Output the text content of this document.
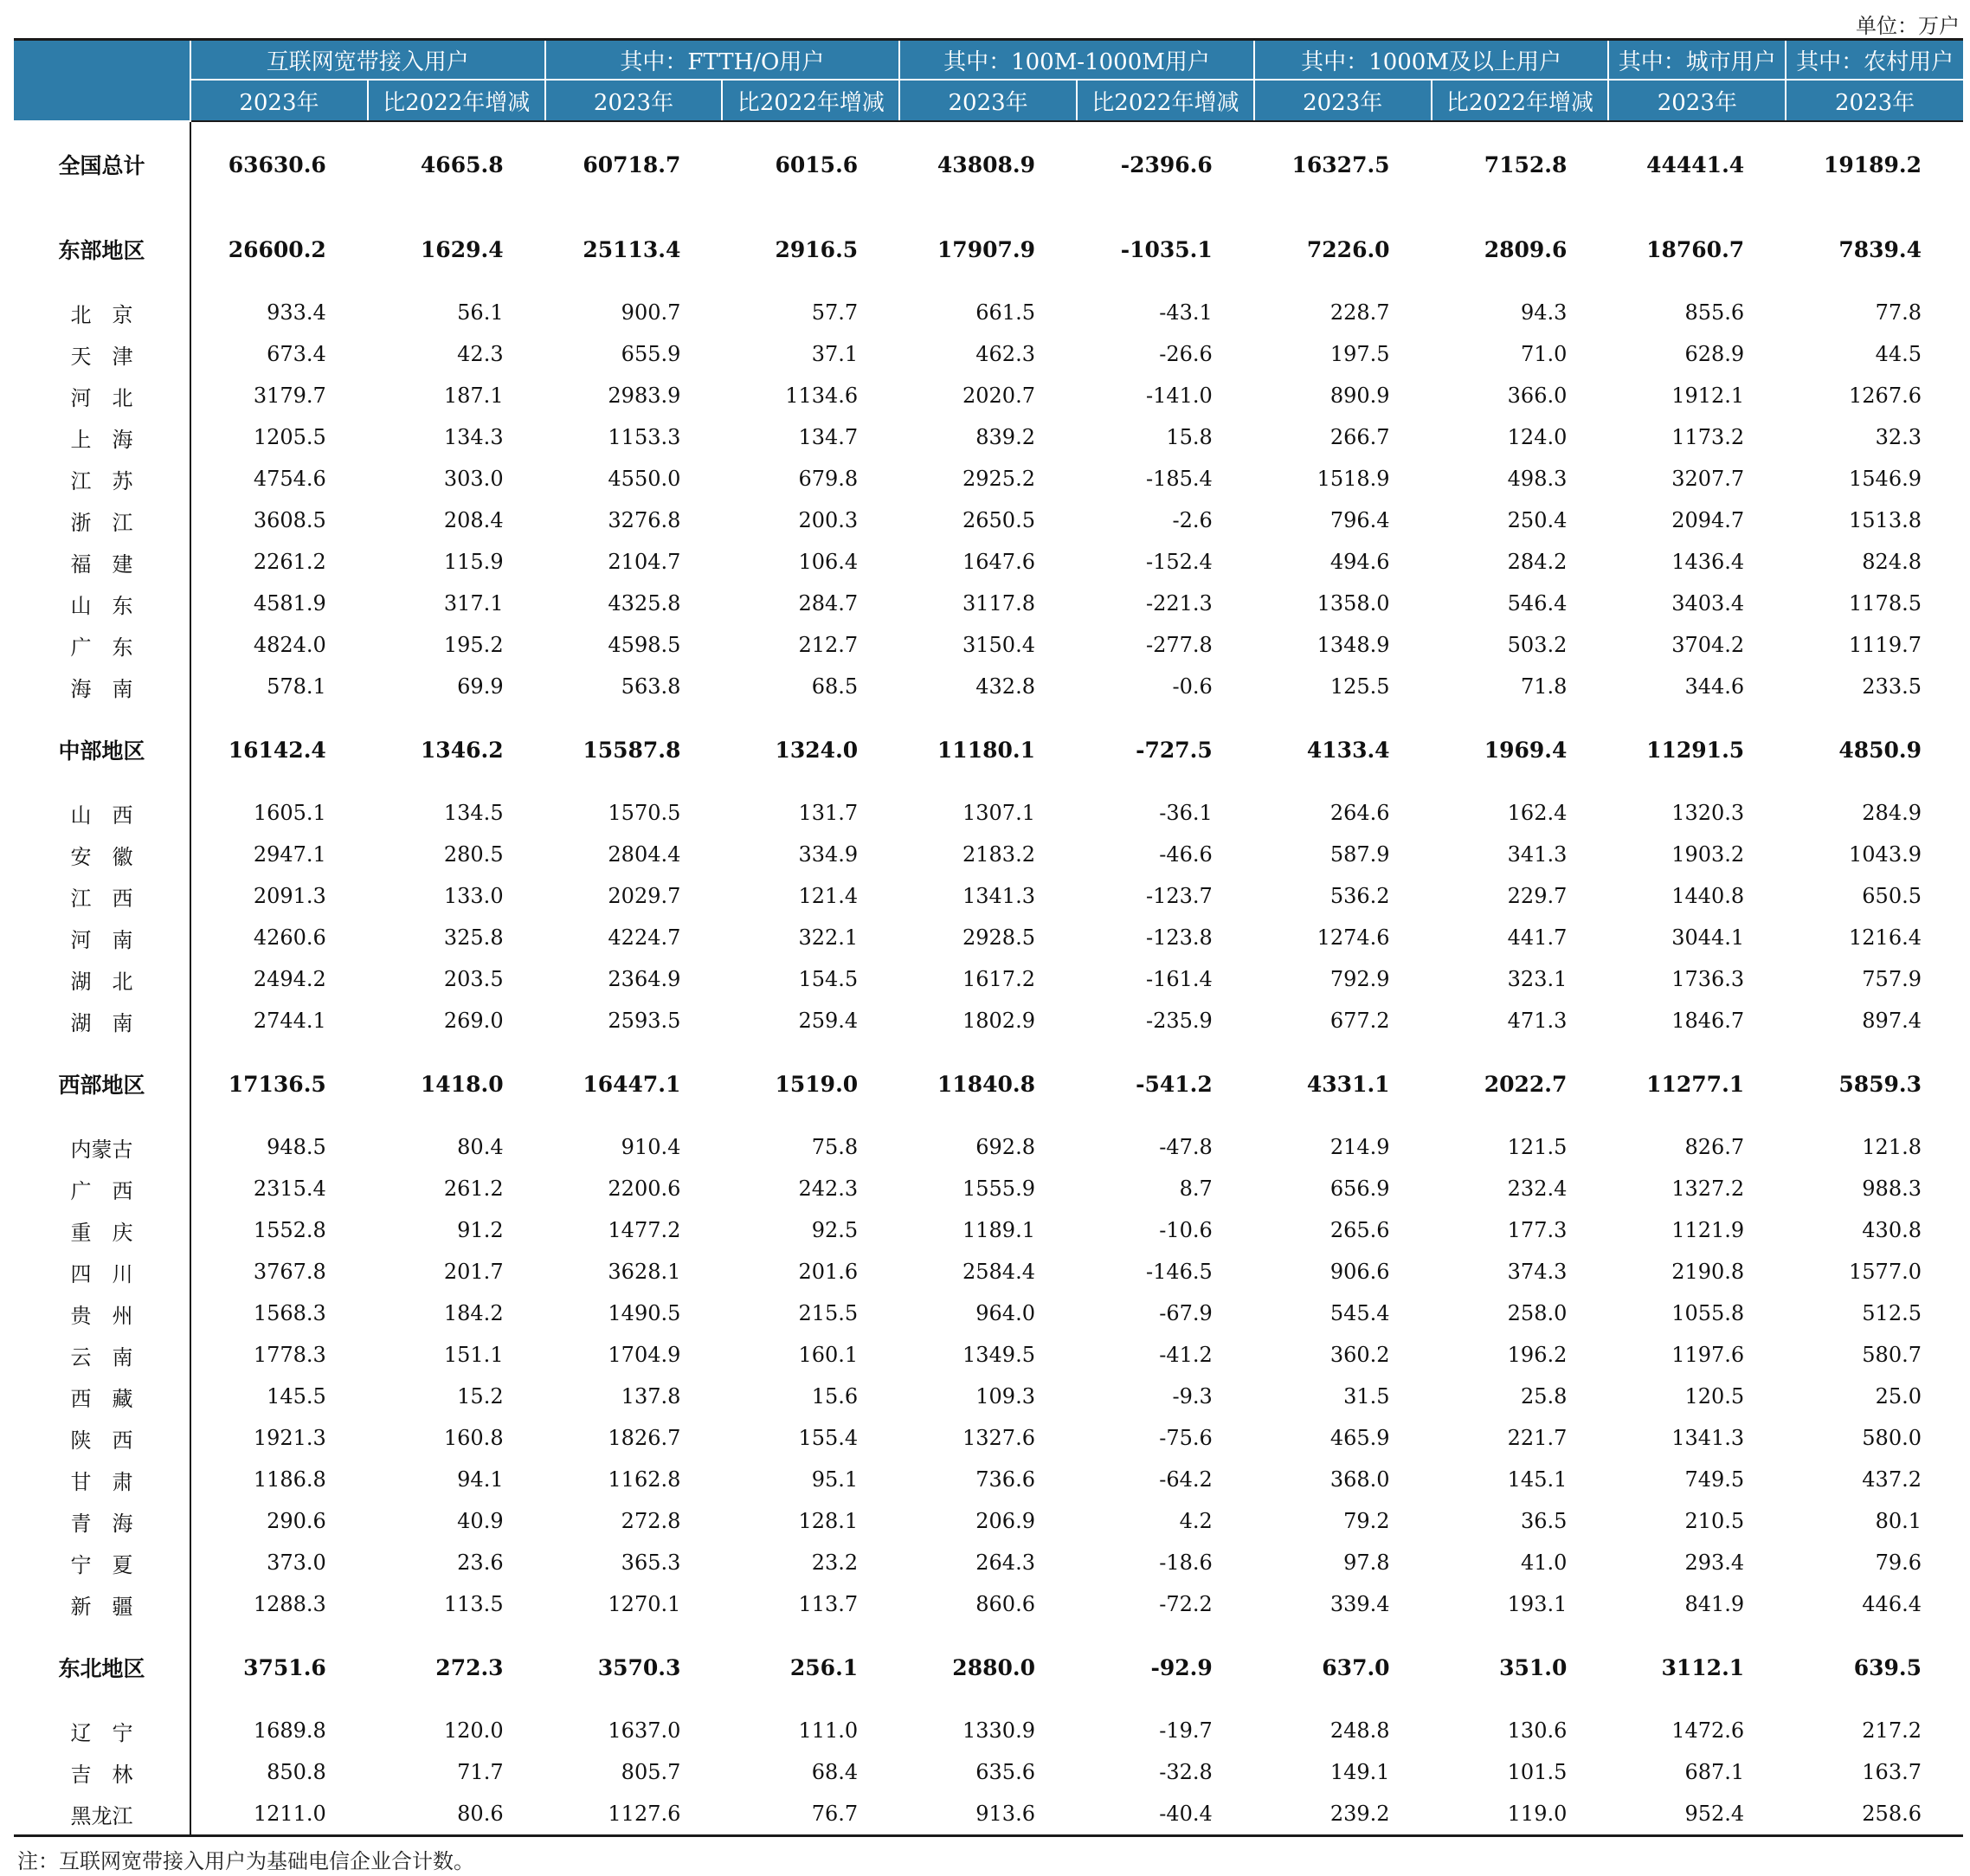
单位：万户
	互联网宽带接入用户		其中：FTTH/O用户		其中：100M-1000M用户		其中：1000M及以上用户		其中：城市用户	其中：农村用户
	2023年	比2022年增减	2023年	比2022年增减	2023年	比2022年增减	2023年	比2022年增减	2023年	2023年
全国总计	63630.6	4665.8	60718.7	6015.6	43808.9	-2396.6	16327.5	7152.8	44441.4	19189.2
东部地区	26600.2	1629.4	25113.4	2916.5	17907.9	-1035.1	7226.0	2809.6	18760.7	7839.4
北　京	933.4	56.1	900.7	57.7	661.5	-43.1	228.7	94.3	855.6	77.8
天　津	673.4	42.3	655.9	37.1	462.3	-26.6	197.5	71.0	628.9	44.5
河　北	3179.7	187.1	2983.9	1134.6	2020.7	-141.0	890.9	366.0	1912.1	1267.6
上　海	1205.5	134.3	1153.3	134.7	839.2	15.8	266.7	124.0	1173.2	32.3
江　苏	4754.6	303.0	4550.0	679.8	2925.2	-185.4	1518.9	498.3	3207.7	1546.9
浙　江	3608.5	208.4	3276.8	200.3	2650.5	-2.6	796.4	250.4	2094.7	1513.8
福　建	2261.2	115.9	2104.7	106.4	1647.6	-152.4	494.6	284.2	1436.4	824.8
山　东	4581.9	317.1	4325.8	284.7	3117.8	-221.3	1358.0	546.4	3403.4	1178.5
广　东	4824.0	195.2	4598.5	212.7	3150.4	-277.8	1348.9	503.2	3704.2	1119.7
海　南	578.1	69.9	563.8	68.5	432.8	-0.6	125.5	71.8	344.6	233.5
中部地区	16142.4	1346.2	15587.8	1324.0	11180.1	-727.5	4133.4	1969.4	11291.5	4850.9
山　西	1605.1	134.5	1570.5	131.7	1307.1	-36.1	264.6	162.4	1320.3	284.9
安　徽	2947.1	280.5	2804.4	334.9	2183.2	-46.6	587.9	341.3	1903.2	1043.9
江　西	2091.3	133.0	2029.7	121.4	1341.3	-123.7	536.2	229.7	1440.8	650.5
河　南	4260.6	325.8	4224.7	322.1	2928.5	-123.8	1274.6	441.7	3044.1	1216.4
湖　北	2494.2	203.5	2364.9	154.5	1617.2	-161.4	792.9	323.1	1736.3	757.9
湖　南	2744.1	269.0	2593.5	259.4	1802.9	-235.9	677.2	471.3	1846.7	897.4
西部地区	17136.5	1418.0	16447.1	1519.0	11840.8	-541.2	4331.1	2022.7	11277.1	5859.3
内蒙古	948.5	80.4	910.4	75.8	692.8	-47.8	214.9	121.5	826.7	121.8
广　西	2315.4	261.2	2200.6	242.3	1555.9	8.7	656.9	232.4	1327.2	988.3
重　庆	1552.8	91.2	1477.2	92.5	1189.1	-10.6	265.6	177.3	1121.9	430.8
四　川	3767.8	201.7	3628.1	201.6	2584.4	-146.5	906.6	374.3	2190.8	1577.0
贵　州	1568.3	184.2	1490.5	215.5	964.0	-67.9	545.4	258.0	1055.8	512.5
云　南	1778.3	151.1	1704.9	160.1	1349.5	-41.2	360.2	196.2	1197.6	580.7
西　藏	145.5	15.2	137.8	15.6	109.3	-9.3	31.5	25.8	120.5	25.0
陕　西	1921.3	160.8	1826.7	155.4	1327.6	-75.6	465.9	221.7	1341.3	580.0
甘　肃	1186.8	94.1	1162.8	95.1	736.6	-64.2	368.0	145.1	749.5	437.2
青　海	290.6	40.9	272.8	128.1	206.9	4.2	79.2	36.5	210.5	80.1
宁　夏	373.0	23.6	365.3	23.2	264.3	-18.6	97.8	41.0	293.4	79.6
新　疆	1288.3	113.5	1270.1	113.7	860.6	-72.2	339.4	193.1	841.9	446.4
东北地区	3751.6	272.3	3570.3	256.1	2880.0	-92.9	637.0	351.0	3112.1	639.5
辽　宁	1689.8	120.0	1637.0	111.0	1330.9	-19.7	248.8	130.6	1472.6	217.2
吉　林	850.8	71.7	805.7	68.4	635.6	-32.8	149.1	101.5	687.1	163.7
黑龙江	1211.0	80.6	1127.6	76.7	913.6	-40.4	239.2	119.0	952.4	258.6
注：互联网宽带接入用户为基础电信企业合计数。
